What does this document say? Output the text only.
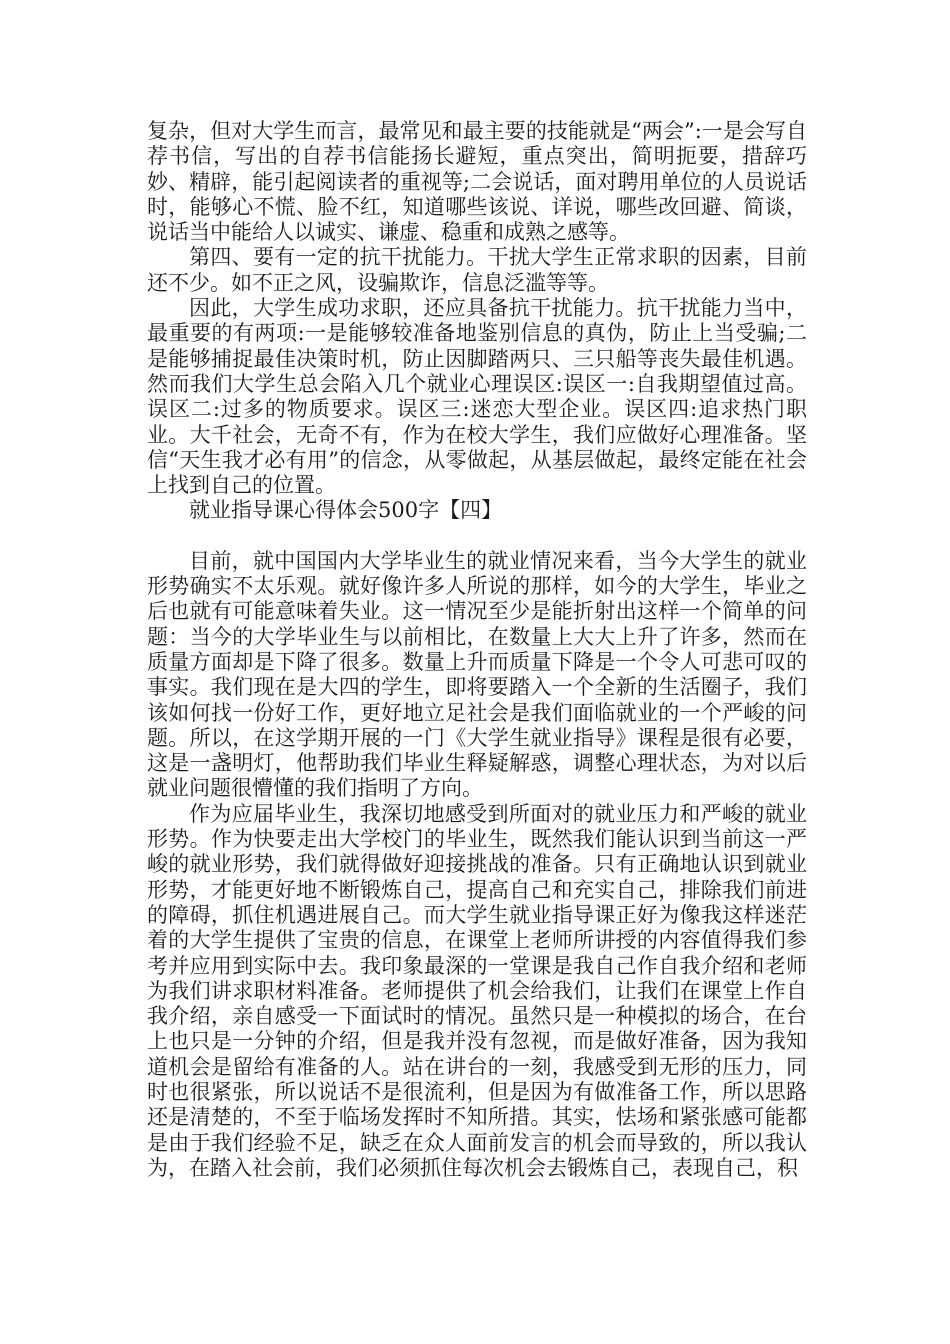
复杂，但对大学生而言，最常见和最主要的技能就是“两会”:一是会写自荐书信，写出的自荐书信能扬长避短，重点突出，简明扼要，措辞巧妙、精辟，能引起阅读者的重视等;二会说话，面对聘用单位的人员说话时，能够心不慌、脸不红，知道哪些该说、详说，哪些改回避、简谈，说话当中能给人以诚实、谦虚、稳重和成熟之感等。

第四、要有一定的抗干扰能力。干扰大学生正常求职的因素，目前还不少。如不正之风，设骗欺诈，信息泛滥等等。

因此，大学生成功求职，还应具备抗干扰能力。抗干扰能力当中，最重要的有两项:一是能够较准备地鉴别信息的真伪，防止上当受骗;二是能够捕捉最佳决策时机，防止因脚踏两只、三只船等丧失最佳机遇。然而我们大学生总会陷入几个就业心理误区:误区一:自我期望值过高。误区二:过多的物质要求。误区三:迷恋大型企业。误区四:追求热门职业。大千社会，无奇不有，作为在校大学生，我们应做好心理准备。坚信“天生我才必有用”的信念，从零做起，从基层做起，最终定能在社会上找到自己的位置。

就业指导课心得体会500字【四】

目前，就中国国内大学毕业生的就业情况来看，当今大学生的就业形势确实不太乐观。就好像许多人所说的那样，如今的大学生，毕业之后也就有可能意味着失业。这一情况至少是能折射出这样一个简单的问题：当今的大学毕业生与以前相比，在数量上大大上升了许多，然而在质量方面却是下降了很多。数量上升而质量下降是一个令人可悲可叹的事实。我们现在是大四的学生，即将要踏入一个全新的生活圈子，我们该如何找一份好工作，更好地立足社会是我们面临就业的一个严峻的问题。所以，在这学期开展的一门《大学生就业指导》课程是很有必要，这是一盏明灯，他帮助我们毕业生释疑解惑，调整心理状态，为对以后就业问题很懵懂的我们指明了方向。

作为应届毕业生，我深切地感受到所面对的就业压力和严峻的就业形势。作为快要走出大学校门的毕业生，既然我们能认识到当前这一严峻的就业形势，我们就得做好迎接挑战的准备。只有正确地认识到就业形势，才能更好地不断锻炼自己，提高自己和充实自己，排除我们前进的障碍，抓住机遇进展自己。而大学生就业指导课正好为像我这样迷茫着的大学生提供了宝贵的信息，在课堂上老师所讲授的内容值得我们参考并应用到实际中去。我印象最深的一堂课是我自己作自我介绍和老师为我们讲求职材料准备。老师提供了机会给我们，让我们在课堂上作自我介绍，亲自感受一下面试时的情况。虽然只是一种模拟的场合，在台上也只是一分钟的介绍，但是我并没有忽视，而是做好准备，因为我知道机会是留给有准备的人。站在讲台的一刻，我感受到无形的压力，同时也很紧张，所以说话不是很流利，但是因为有做准备工作，所以思路还是清楚的，不至于临场发挥时不知所措。其实，怯场和紧张感可能都是由于我们经验不足，缺乏在众人面前发言的机会而导致的，所以我认为，在踏入社会前，我们必须抓住每次机会去锻炼自己，表现自己，积
